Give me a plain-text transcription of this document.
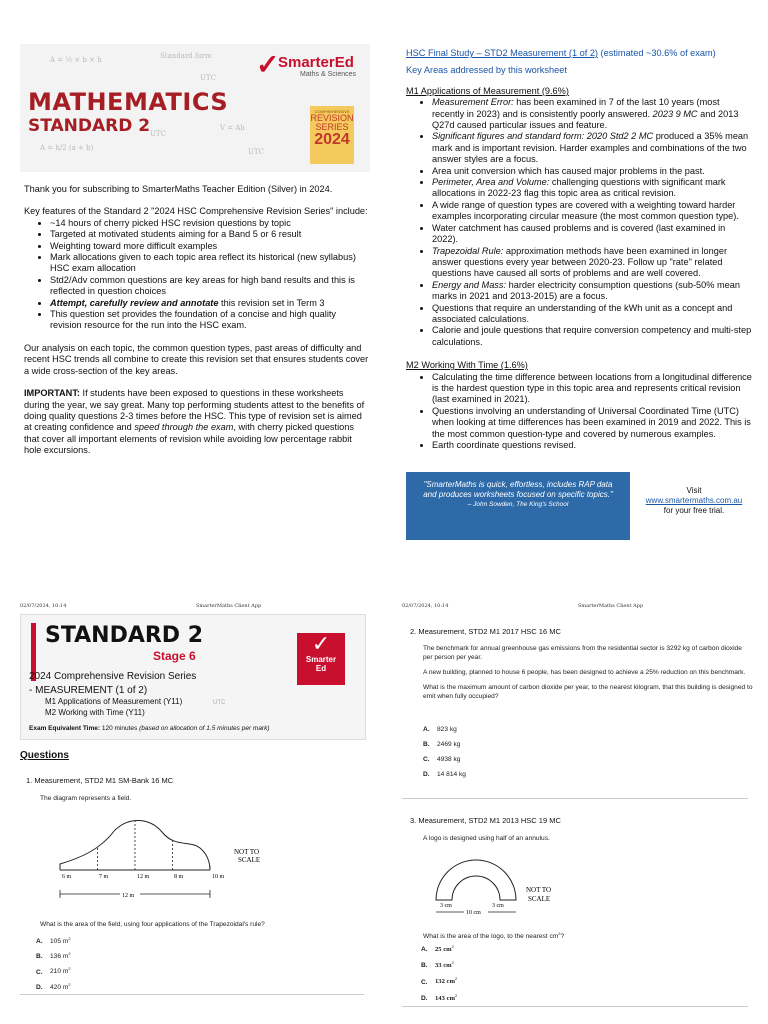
A = ½ × b × h	Standard form
UTC
UTC
UTC
A = h/2 (a + b)
V = Ah
MATHEMATICS
STANDARD 2
✓
SmarterEd
Maths & Sciences
COMPREHENSIVE
REVISION
SERIES
2024

Thank you for subscribing to SmarterMaths Teacher Edition (Silver) in 2024.

Key features of the Standard 2 "2024 HSC Comprehensive Revision Series" include:
• ~14 hours of cherry picked HSC revision questions by topic
• Targeted at motivated students aiming for a Band 5 or 6 result
• Weighting toward more difficult examples
• Mark allocations given to each topic area reflect its historical (new syllabus) HSC exam allocation
• Std2/Adv common questions are key areas for high band results and this is reflected in question choices
• Attempt, carefully review and annotate this revision set in Term 3
• This question set provides the foundation of a concise and high quality revision resource for the run into the HSC exam.

Our analysis on each topic, the common question types, past areas of difficulty and recent HSC trends all combine to create this revision set that ensures students cover a wide cross-section of the key areas.

IMPORTANT: If students have been exposed to questions in these worksheets during the year, we say great. Many top performing students attest to the benefits of doing quality questions 2-3 times before the HSC. This type of revision set is aimed at creating confidence and speed through the exam, with cherry picked questions that cover all important elements of revision while avoiding low percentage rabbit hole excursions.

HSC Final Study – STD2 Measurement (1 of 2) (estimated ~30.6% of exam)
Key Areas addressed by this worksheet
M1 Applications of Measurement (9.6%)
• Measurement Error: has been examined in 7 of the last 10 years (most recently in 2023) and is consistently poorly answered. 2023 9 MC and 2013 Q27d caused particular issues and feature.
• Significant figures and standard form: 2020 Std2 2 MC produced a 35% mean mark and is important revision. Harder examples and combinations of the two answer styles are a focus.
• Area unit conversion which has caused major problems in the past.
• Perimeter, Area and Volume: challenging questions with significant mark allocations in 2022-23 flag this topic area as critical revision.
• A wide range of question types are covered with a weighting toward harder examples incorporating circular measure (the most common question type).
• Water catchment has caused problems and is covered (last examined in 2022).
• Trapezoidal Rule: approximation methods have been examined in longer answer questions every year between 2020-23. Follow up "rate" related questions have caused all sorts of problems and are well covered.
• Energy and Mass: harder electricity consumption questions (sub-50% mean marks in 2021 and 2013-2015) are a focus.
• Questions that require an understanding of the kWh unit as a concept and associated calculations.
• Calorie and joule questions that require conversion competency and multi-step calculations.
M2 Working With Time (1.6%)
• Calculating the time difference between locations from a longitudinal difference is the hardest question type in this topic area and represents critical revision (last examined in 2021).
• Questions involving an understanding of Universal Coordinated Time (UTC) when looking at time differences has been examined in 2019 and 2022. This is the most common question-type and covered by numerous examples.
• Earth coordinate questions revised.
"SmarterMaths is quick, effortless, includes RAP data and produces worksheets focused on specific topics."
– John Sowden, The King's School
Visit
www.smartermaths.com.au
for your free trial.
02/07/2024, 10:14	SmarterMaths Client App
STANDARD 2
Stage 6	✓
Smarter
Ed
2024 Comprehensive Revision Series
- MEASUREMENT (1 of 2)
M1 Applications of Measurement (Y11)
M2 Working with Time (Y11)
UTC
Exam Equivalent Time: 120 minutes (based on allocation of 1.5 minutes per mark)
Questions
1. Measurement, STD2 M1 SM-Bank 16 MC
The diagram represents a field.
6 m	7 m	12 m	8 m	10 m
12 m
NOT TO
SCALE
What is the area of the field, using four applications of the Trapezoidal's rule?
A. 105 $m^2$
B. 136 $m^2$
C. 210 $m^2$
D. 420 $m^2$
02/07/2024, 10:14	SmarterMaths Client App
2. Measurement, STD2 M1 2017 HSC 16 MC
The benchmark for annual greenhouse gas emissions from the residential sector is 3292 kg of carbon dioxide per person per year.
A new building, planned to house 6 people, has been designed to achieve a 25% reduction on this benchmark.
What is the maximum amount of carbon dioxide per year, to the nearest kilogram, that this building is designed to emit when fully occupied?
A. 823 kg
B. 2469 kg
C. 4938 kg
D. 14 814 kg
3. Measurement, STD2 M1 2013 HSC 19 MC
A logo is designed using half of an annulus.
3 cm	3 cm
10 cm
NOT TO
SCALE
What is the area of the logo, to the nearest $cm^2$?
A. 25 $cm^2$
B. 33 $cm^2$
C. 132 $cm^2$
D. 143 $cm^2$
